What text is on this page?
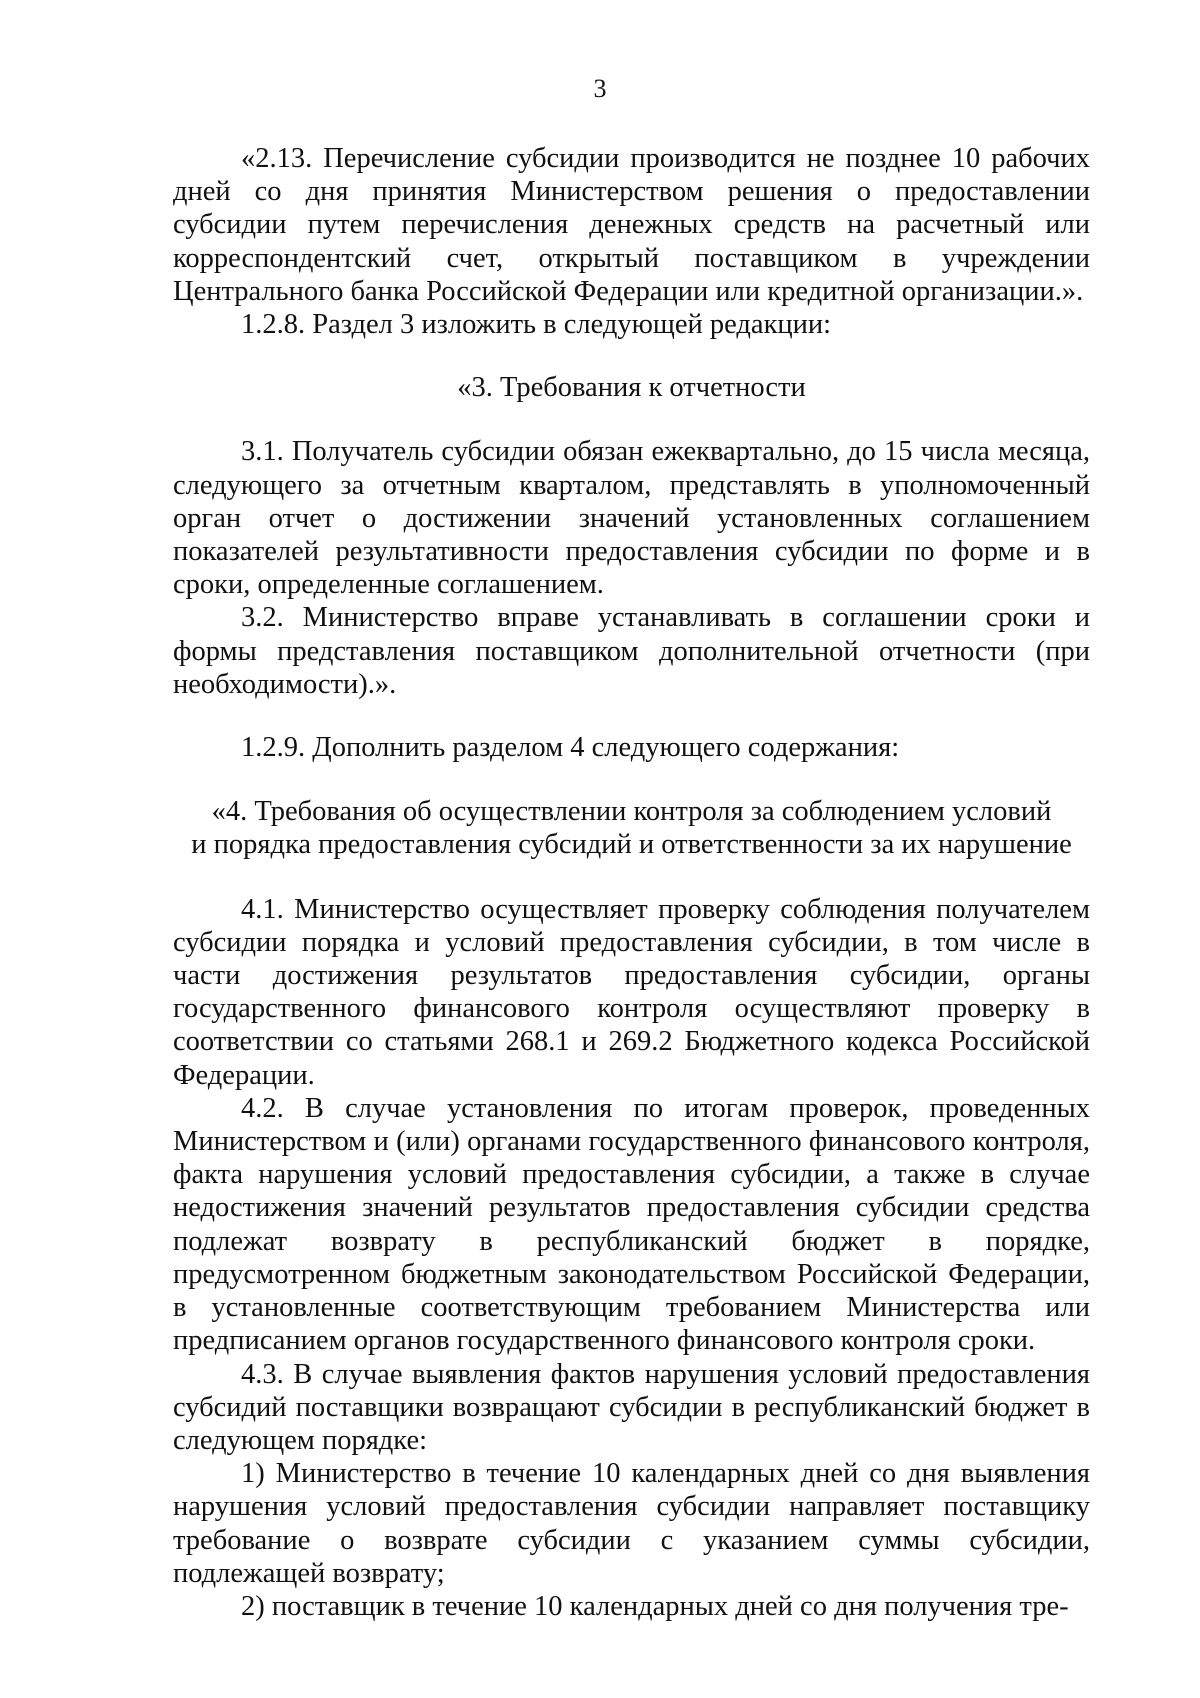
3

«2.13. Перечисление субсидии производится не позднее 10 рабочих дней со дня принятия Министерством решения о предоставлении субсидии путем перечисления денежных средств на расчетный или корреспондентский счет, открытый поставщиком в учреждении Центрального банка Российской Федерации или кредитной организации.».

1.2.8. Раздел 3 изложить в следующей редакции:

«3. Требования к отчетности

3.1. Получатель субсидии обязан ежеквартально, до 15 числа месяца, следующего за отчетным кварталом, представлять в уполномоченный орган отчет о достижении значений установленных соглашением показателей результативности предоставления субсидии по форме и в сроки, определенные соглашением.

3.2. Министерство вправе устанавливать в соглашении сроки и формы представления поставщиком дополнительной отчетности (при необходимости).».

1.2.9. Дополнить разделом 4 следующего содержания:

«4. Требования об осуществлении контроля за соблюдением условий

и порядка предоставления субсидий и ответственности за их нарушение

4.1. Министерство осуществляет проверку соблюдения получателем субсидии порядка и условий предоставления субсидии, в том числе в части достижения результатов предоставления субсидии, органы государственного финансового контроля осуществляют проверку в соответствии со статьями 268.1 и 269.2 Бюджетного кодекса Российской Федерации.

4.2. В случае установления по итогам проверок, проведенных Министерством и (или) органами государственного финансового контроля, факта нарушения условий предоставления субсидии, а также в случае недостижения значений результатов предоставления субсидии средства подлежат возврату в республиканский бюджет в порядке, предусмотренном бюджетным законодательством Российской Федерации, в установленные соответствующим требованием Министерства или предписанием органов государственного финансового контроля сроки.

4.3. В случае выявления фактов нарушения условий предоставления субсидий поставщики возвращают субсидии в республиканский бюджет в следующем порядке:

1) Министерство в течение 10 календарных дней со дня выявления нарушения условий предоставления субсидии направляет поставщику требование о возврате субсидии с указанием суммы субсидии, подлежащей возврату;

2) поставщик в течение 10 календарных дней со дня получения тре-
